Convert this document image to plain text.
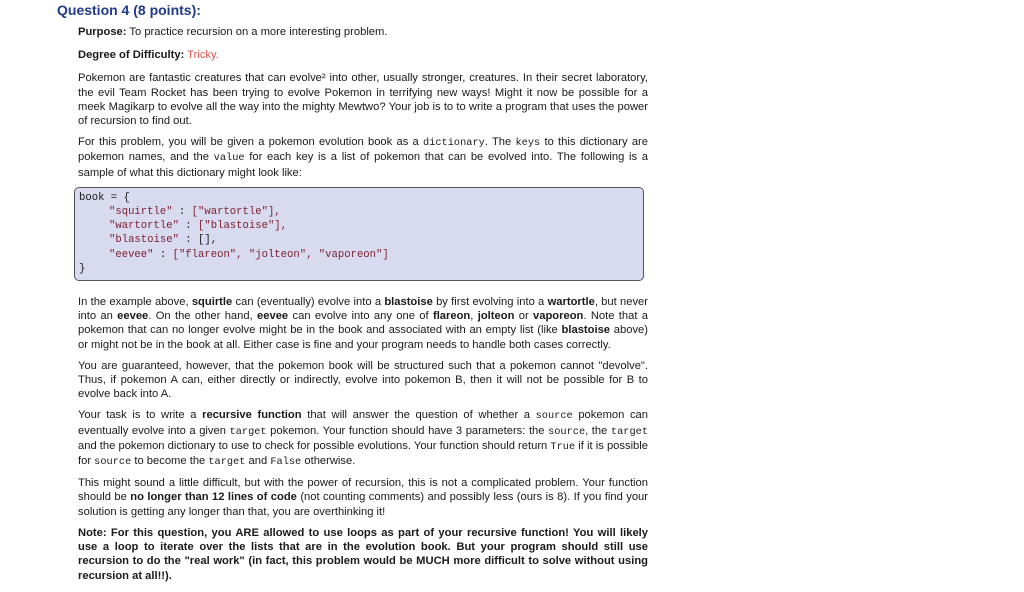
Question 4 (8 points):
Purpose: To practice recursion on a more interesting problem.
Degree of Difficulty: Tricky.

Pokemon are fantastic creatures that can evolve² into other, usually stronger, creatures. In their secret laboratory, the evil Team Rocket has been trying to evolve Pokemon in terrifying new ways! Might it now be possible for a meek Magikarp to evolve all the way into the mighty Mewtwo? Your job is to to write a program that uses the power of recursion to find out.

For this problem, you will be given a pokemon evolution book as a dictionary. The keys to this dictionary are pokemon names, and the value for each key is a list of pokemon that can be evolved into. The following is a sample of what this dictionary might look like:

book = {
"squirtle" : ["wartortle"],
"wartortle" : ["blastoise"],
"blastoise" : [],
"eevee" : ["flareon", "jolteon", "vaporeon"]
}

In the example above, squirtle can (eventually) evolve into a blastoise by first evolving into a wartortle, but never into an eevee. On the other hand, eevee can evolve into any one of flareon, jolteon or vaporeon. Note that a pokemon that can no longer evolve might be in the book and associated with an empty list (like blastoise above) or might not be in the book at all. Either case is fine and your program needs to handle both cases correctly.

You are guaranteed, however, that the pokemon book will be structured such that a pokemon cannot "devolve". Thus, if pokemon A can, either directly or indirectly, evolve into pokemon B, then it will not be possible for B to evolve back into A.

Your task is to write a recursive function that will answer the question of whether a source pokemon can eventually evolve into a given target pokemon. Your function should have 3 parameters: the source, the target and the pokemon dictionary to use to check for possible evolutions. Your function should return True if it is possible for source to become the target and False otherwise.

This might sound a little difficult, but with the power of recursion, this is not a complicated problem. Your function should be no longer than 12 lines of code (not counting comments) and possibly less (ours is 8). If you find your solution is getting any longer than that, you are overthinking it!

Note: For this question, you ARE allowed to use loops as part of your recursive function! You will likely use a loop to iterate over the lists that are in the evolution book. But your program should still use recursion to do the "real work" (in fact, this problem would be MUCH more difficult to solve without using recursion at all!!).
